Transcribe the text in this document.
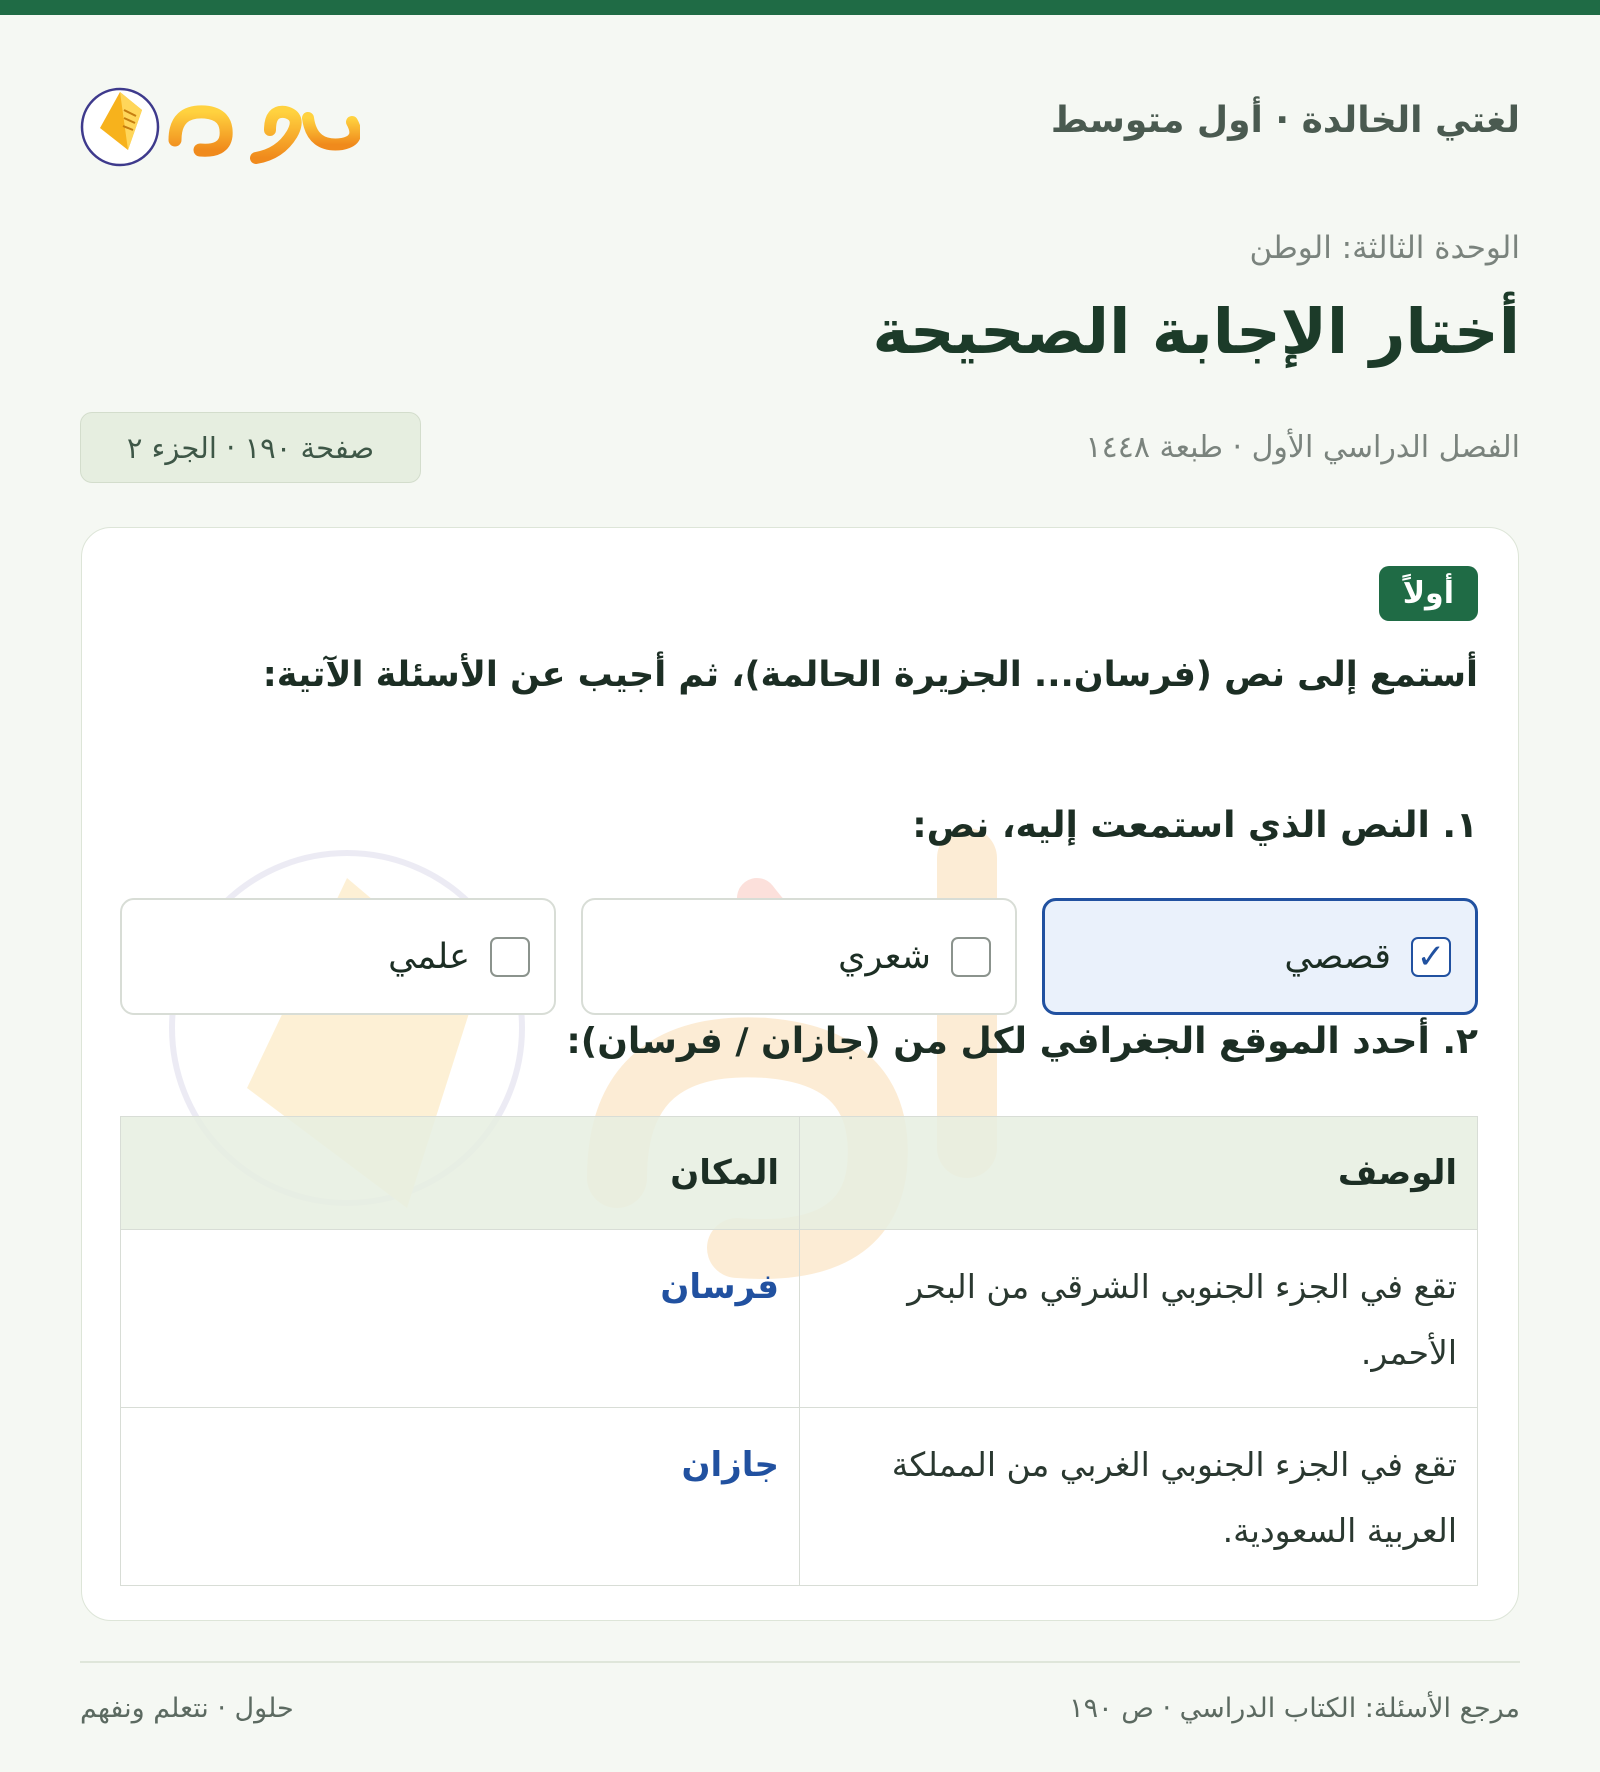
لغتي الخالدة · أول متوسط
الوحدة الثالثة: الوطن
أختار الإجابة الصحيحة
الفصل الدراسي الأول · طبعة ١٤٤٨
صفحة ١٩٠ · الجزء ٢
أولاً
أستمع إلى نص (فرسان... الجزيرة الحالمة)، ثم أجيب عن الأسئلة الآتية:
١. النص الذي استمعت إليه، نص:
✓
قصصي
شعري
علمي
٢. أحدد الموقع الجغرافي لكل من (جازان / فرسان):
الوصف	المكان
تقع في الجزء الجنوبي الشرقي من البحر الأحمر.	فرسان
تقع في الجزء الجنوبي الغربي من المملكة العربية السعودية.	جازان
مرجع الأسئلة: الكتاب الدراسي · ص ١٩٠
حلول · نتعلم ونفهم
